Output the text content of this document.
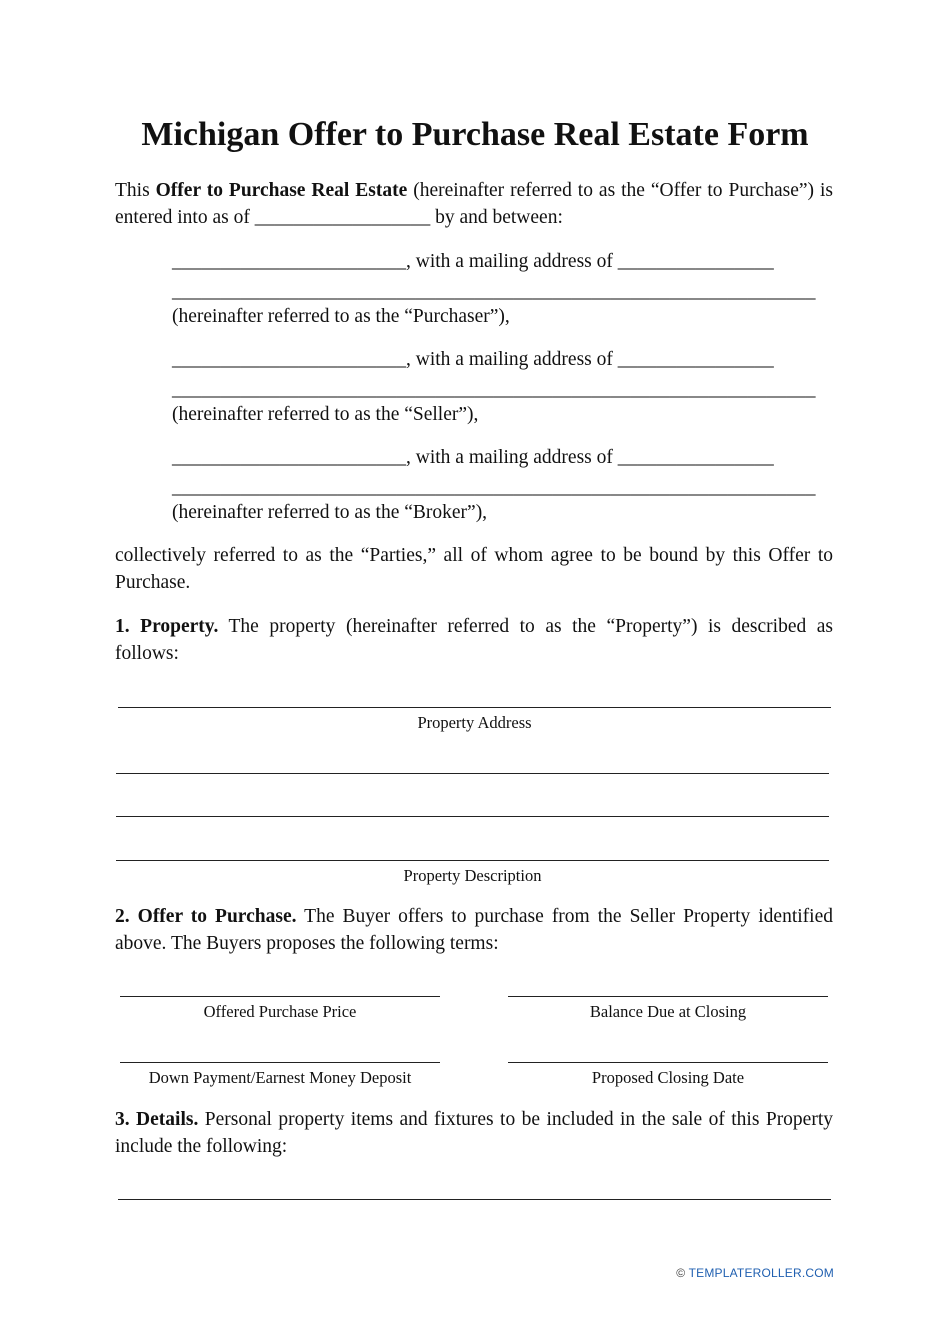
Michigan Offer to Purchase Real Estate Form

This Offer to Purchase Real Estate (hereinafter referred to as the “Offer to Purchase”) is entered into as of __________________ by and between:

________________________, with a mailing address of ________________

__________________________________________________________________

(hereinafter referred to as the “Purchaser”),

________________________, with a mailing address of ________________

__________________________________________________________________

(hereinafter referred to as the “Seller”),

________________________, with a mailing address of ________________

__________________________________________________________________

(hereinafter referred to as the “Broker”),

collectively referred to as the “Parties,” all of whom agree to be bound by this Offer to Purchase.

1. Property. The property (hereinafter referred to as the “Property”) is described as follows:

Property Address

Property Description

2. Offer to Purchase. The Buyer offers to purchase from the Seller Property identified above. The Buyers proposes the following terms:

Offered Purchase Price	Balance Due at Closing

Down Payment/Earnest Money Deposit	Proposed Closing Date

3. Details. Personal property items and fixtures to be included in the sale of this Property include the following:

© TEMPLATEROLLER.COM
